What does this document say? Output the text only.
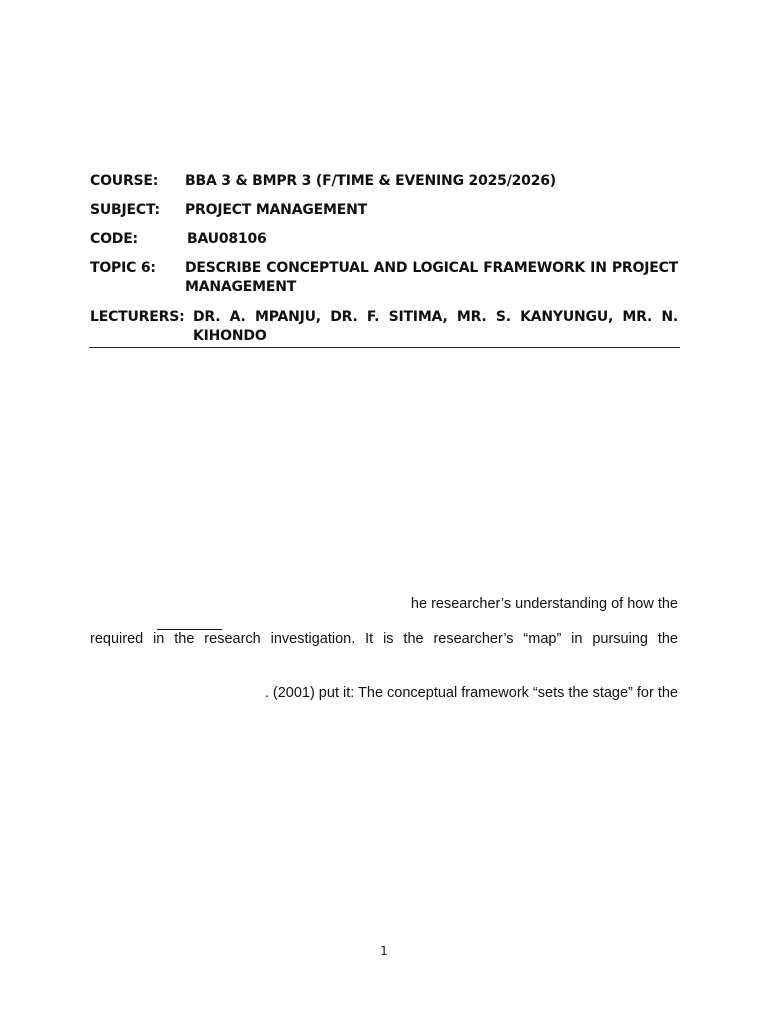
COURSE:	BBA 3 & BMPR 3 (F/TIME & EVENING 2025/2026)
SUBJECT:	PROJECT MANAGEMENT
CODE:	BAU08106
TOPIC 6:	DESCRIBE CONCEPTUAL AND LOGICAL FRAMEWORK IN PROJECT MANAGEMENT
LECTURERS: DR. A. MPANJU, DR. F. SITIMA, MR. S. KANYUNGU, MR. N. KIHONDO
he researcher’s understanding of how the
required in the research investigation. It is the researcher’s “map” in pursuing the
. (2001) put it: The conceptual framework “sets the stage” for the
1
